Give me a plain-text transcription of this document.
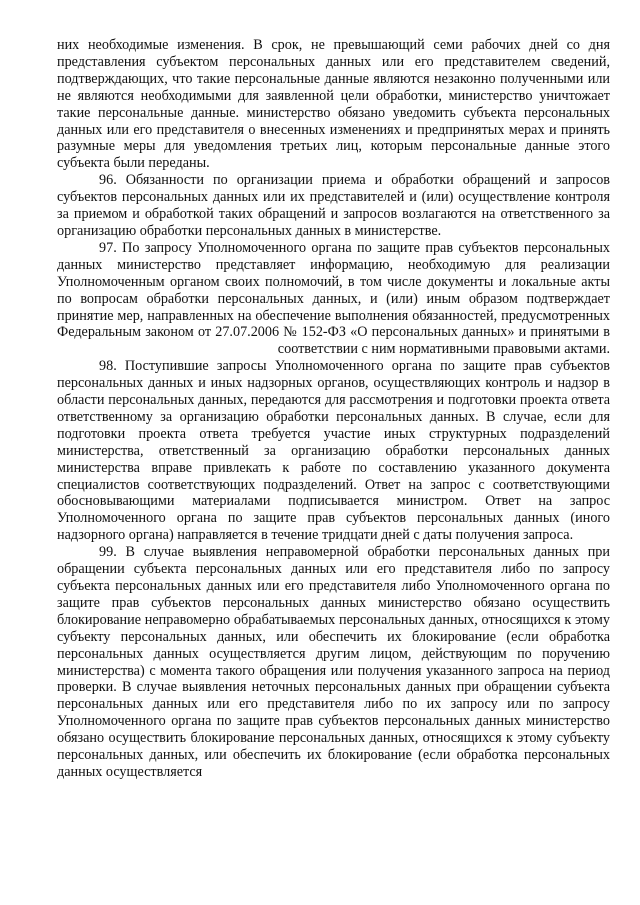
них необходимые изменения. В срок, не превышающий семи рабочих дней со дня представления субъектом персональных данных или его представителем сведений, подтверждающих, что такие персональные данные являются незаконно полученными или не являются необходимыми для заявленной цели обработки, министерство уничтожает такие персональные данные. министерство обязано уведомить субъекта персональных данных или его представителя о внесенных изменениях и предпринятых мерах и принять разумные меры для уведомления третьих лиц, которым персональные данные этого субъекта были переданы.

96. Обязанности по организации приема и обработки обращений и запросов субъектов персональных данных или их представителей и (или) осуществление контроля за приемом и обработкой таких обращений и запросов возлагаются на ответственного за организацию обработки персональных данных в министерстве.

97. По запросу Уполномоченного органа по защите прав субъектов персональных данных министерство представляет информацию, необходимую для реализации Уполномоченным органом своих полномочий, в том числе документы и локальные акты по вопросам обработки персональных данных, и (или) иным образом подтверждает принятие мер, направленных на обеспечение выполнения обязанностей, предусмотренных Федеральным законом от 27.07.2006 № 152-ФЗ «О персональных данных» и принятыми в соответствии с ним нормативными правовыми актами.

98. Поступившие запросы Уполномоченного органа по защите прав субъектов персональных данных и иных надзорных органов, осуществляющих контроль и надзор в области персональных данных, передаются для рассмотрения и подготовки проекта ответа ответственному за организацию обработки персональных данных. В случае, если для подготовки проекта ответа требуется участие иных структурных подразделений министерства, ответственный за организацию обработки персональных данных министерства вправе привлекать к работе по составлению указанного документа специалистов соответствующих подразделений. Ответ на запрос с соответствующими обосновывающими материалами подписывается министром. Ответ на запрос Уполномоченного органа по защите прав субъектов персональных данных (иного надзорного органа) направляется в течение тридцати дней с даты получения запроса.

99. В случае выявления неправомерной обработки персональных данных при обращении субъекта персональных данных или его представителя либо по запросу субъекта персональных данных или его представителя либо Уполномоченного органа по защите прав субъектов персональных данных министерство обязано осуществить блокирование неправомерно обрабатываемых персональных данных, относящихся к этому субъекту персональных данных, или обеспечить их блокирование (если обработка персональных данных осуществляется другим лицом, действующим по поручению министерства) с момента такого обращения или получения указанного запроса на период проверки. В случае выявления неточных персональных данных при обращении субъекта персональных данных или его представителя либо по их запросу или по запросу Уполномоченного органа по защите прав субъектов персональных данных министерство обязано осуществить блокирование персональных данных, относящихся к этому субъекту персональных данных, или обеспечить их блокирование (если обработка персональных данных осуществляется
